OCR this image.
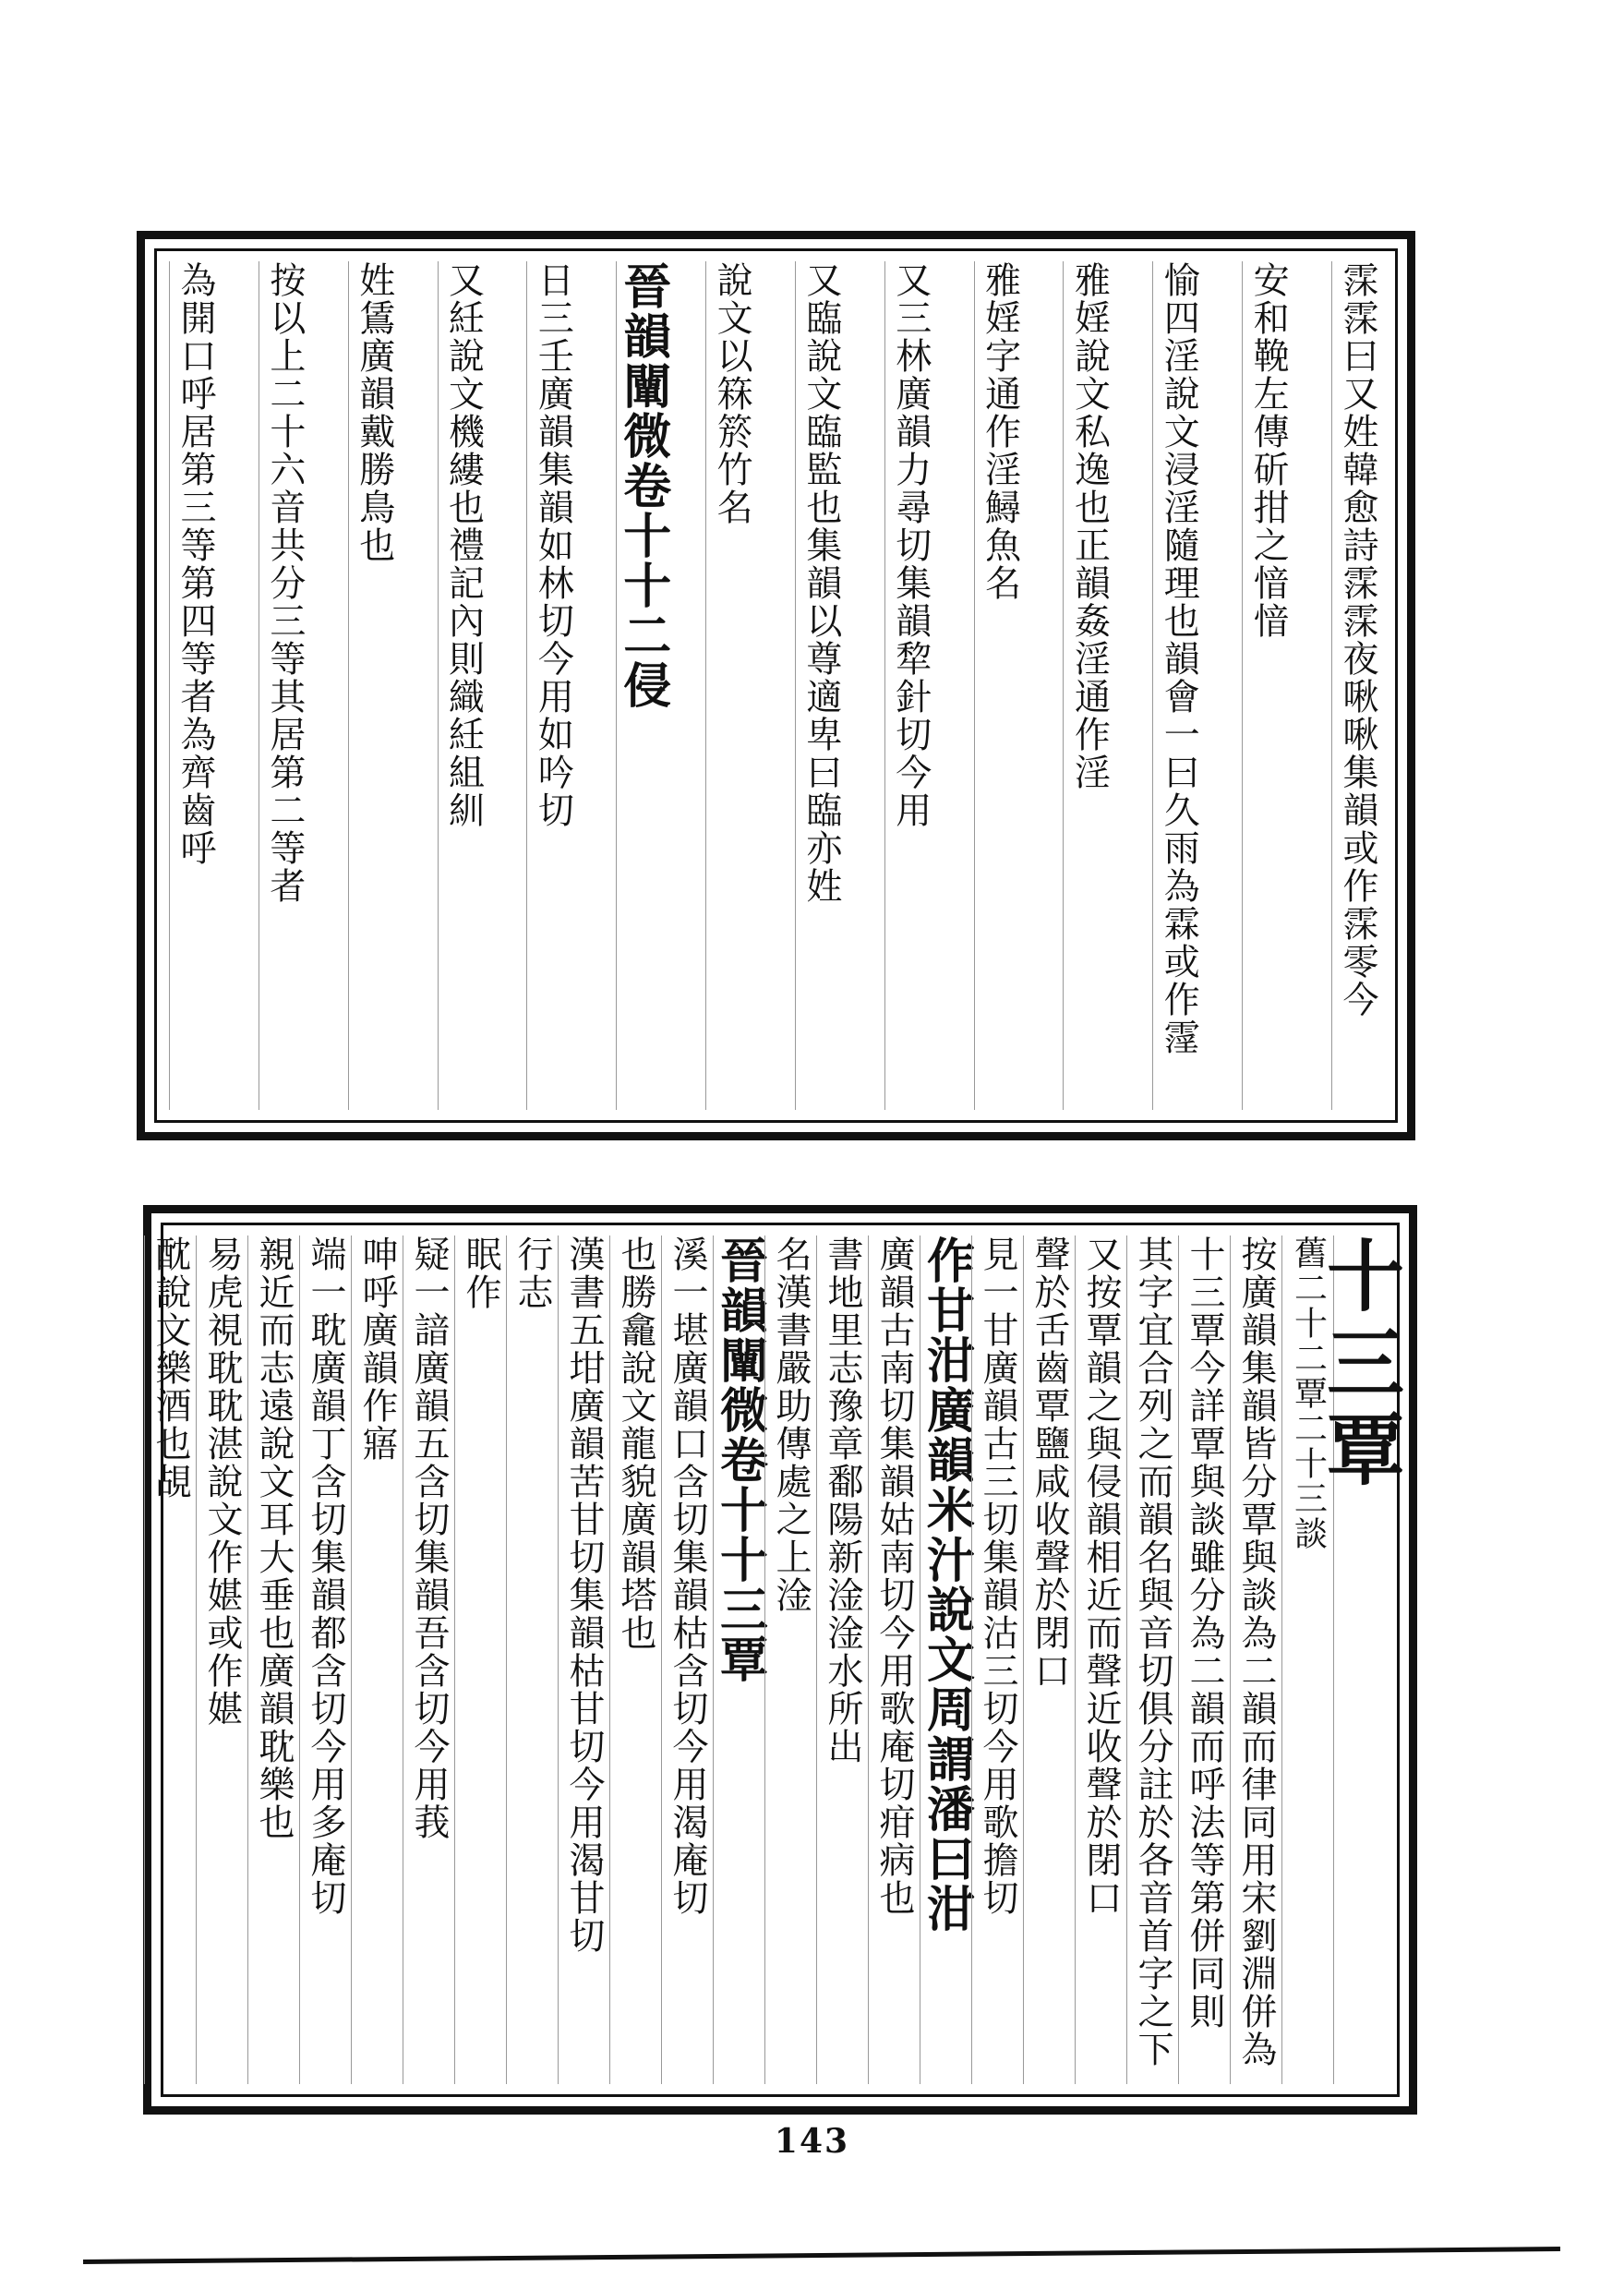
霂霂曰又姓韓愈詩霂霂夜啾啾集韻或作霂零今
安和鞔左傳斫拑之愔愔
愉四淫說文浸淫隨理也韻會一曰久雨為霖或作霪
雅婬說文私逸也正韻姦淫通作淫
雅婬字通作淫鱘魚名
又三林廣韻力尋切集韻犂針切今用
又臨說文臨監也集韻以尊適卑曰臨亦姓
說文以箖箊竹名
晉韻闡微卷十十二侵
日三壬廣韻集韻如林切今用如吟切
又紝說文機縷也禮記內則織紝組紃
姓鵀廣韻戴勝鳥也
按以上二十六音共分三等其居第二等者
為開口呼居第三等第四等者為齊齒呼
十三覃
舊二十二覃二十三談
按廣韻集韻皆分覃與談為二韻而律同用宋劉淵併為
十三覃今詳覃與談雖分為二韻而呼法等第併同則
其字宜合列之而韻名與音切俱分註於各音首字之下
又按覃韻之與侵韻相近而聲近收聲於閉口
聲於舌齒覃鹽咸收聲於閉口
見一甘廣韻古三切集韻沽三切今用歌擔切
作甘泔廣韻米汁說文周謂潘曰泔
廣韻古南切集韻姑南切今用歌庵切疳病也
書地里志豫章鄱陽新淦淦水所出
名漢書嚴助傳處之上淦
晉韻闡微卷十十三覃
溪一堪廣韻口含切集韻枯含切今用渴庵切
也勝龕說文龍貌廣韻塔也
漢書五坩廣韻苦甘切集韻枯甘切今用渴甘切
行志
眠作
疑一諳廣韻五含切集韻吾含切今用莪
呻呼廣韻作寤
端一耽廣韻丁含切集韻都含切今用多庵切
親近而志遠說文耳大垂也廣韻耽樂也
易虎視耽耽湛說文作媅或作媅
酖說文樂酒也覘
143
